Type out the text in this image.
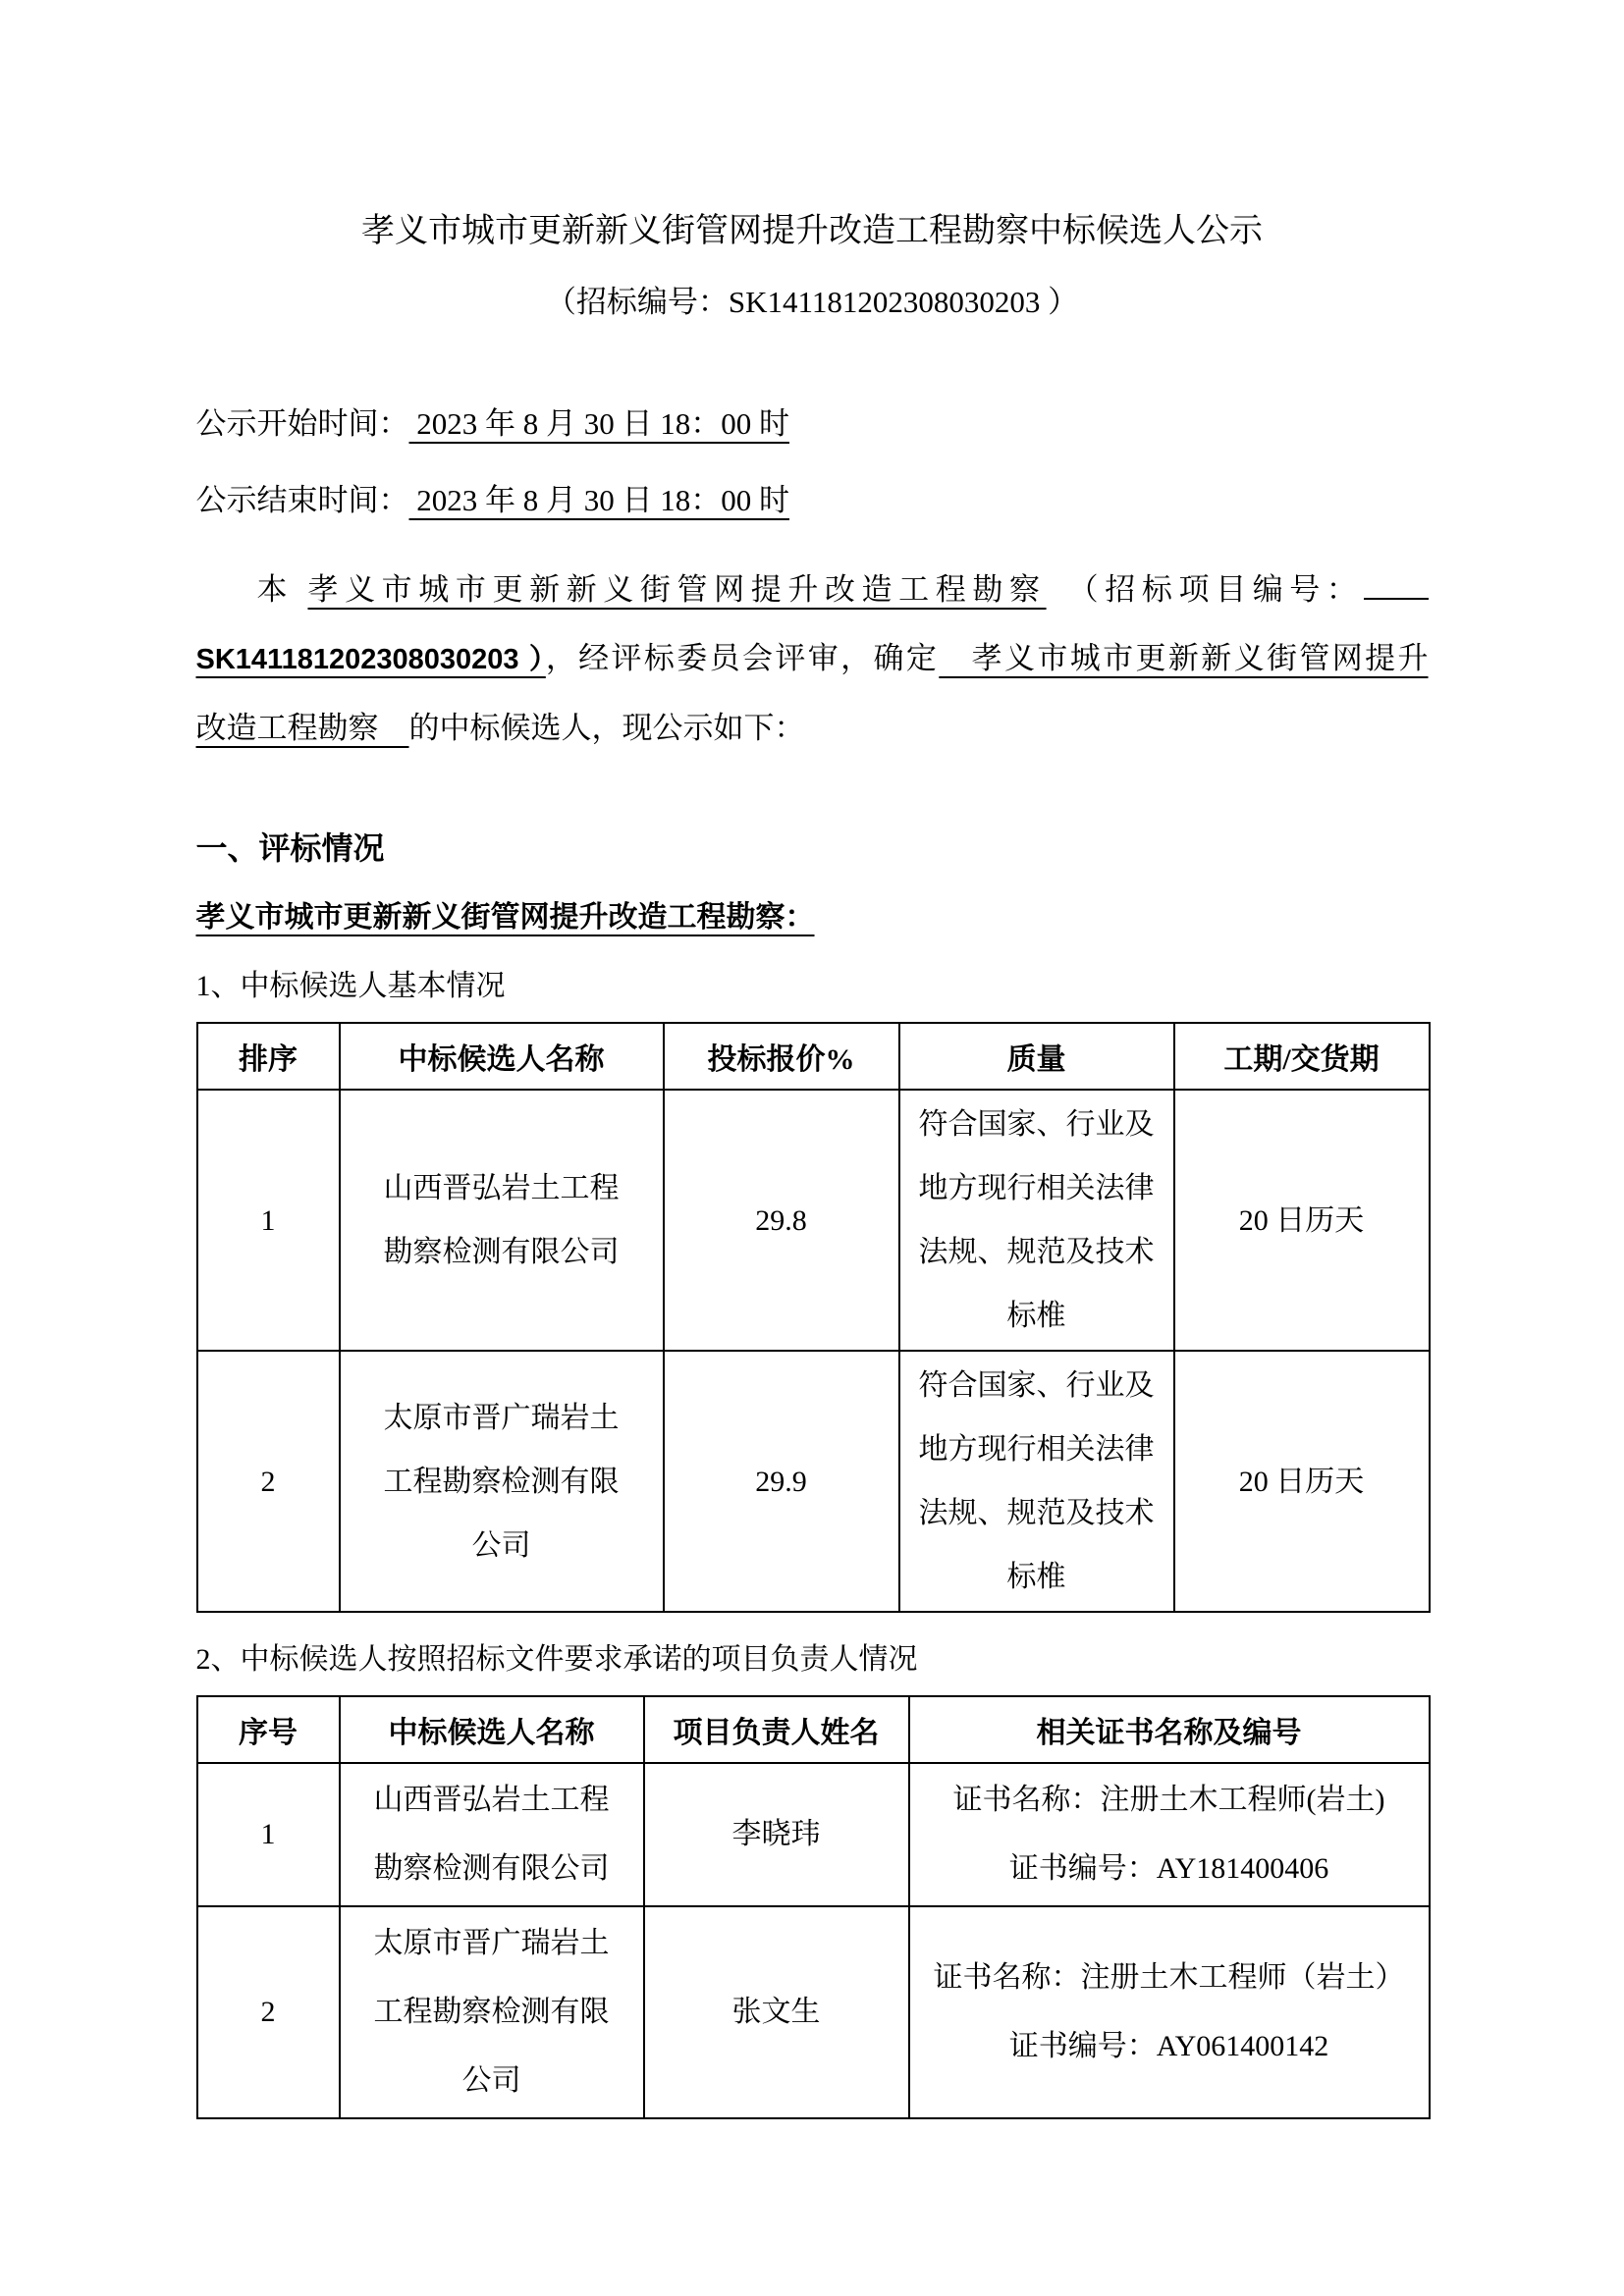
孝义市城市更新新义街管网提升改造工程勘察中标候选人公示
（招标编号：SK141181202308030203 ）
公示开始时间： 2023 年 8 月 30 日 18：00 时
公示结束时间： 2023 年 8 月 30 日 18：00 时
本 孝义市城市更新新义街管网提升改造工程勘察　（招标项目编号：
SK141181202308030203 ），经评标委员会评审，确定　孝义市城市更新新义街管网提升
改造工程勘察　的中标候选人，现公示如下：
一、评标情况
孝义市城市更新新义街管网提升改造工程勘察：
1、中标候选人基本情况
排序	中标候选人名称	投标报价%	质量	工期/交货期
1	山西晋弘岩土工程勘察检测有限公司	29.8	符合国家、行业及地方现行相关法律法规、规范及技术标椎	20 日历天
2	太原市晋广瑞岩土工程勘察检测有限公司	29.9	符合国家、行业及地方现行相关法律法规、规范及技术标椎	20 日历天
2、中标候选人按照招标文件要求承诺的项目负责人情况
序号	中标候选人名称	项目负责人姓名	相关证书名称及编号
1	山西晋弘岩土工程勘察检测有限公司	李晓玮	证书名称：注册土木工程师(岩土)
证书编号：AY181400406

2	太原市晋广瑞岩土工程勘察检测有限公司	张文生	证书名称：注册土木工程师（岩土）
证书编号：AY061400142
